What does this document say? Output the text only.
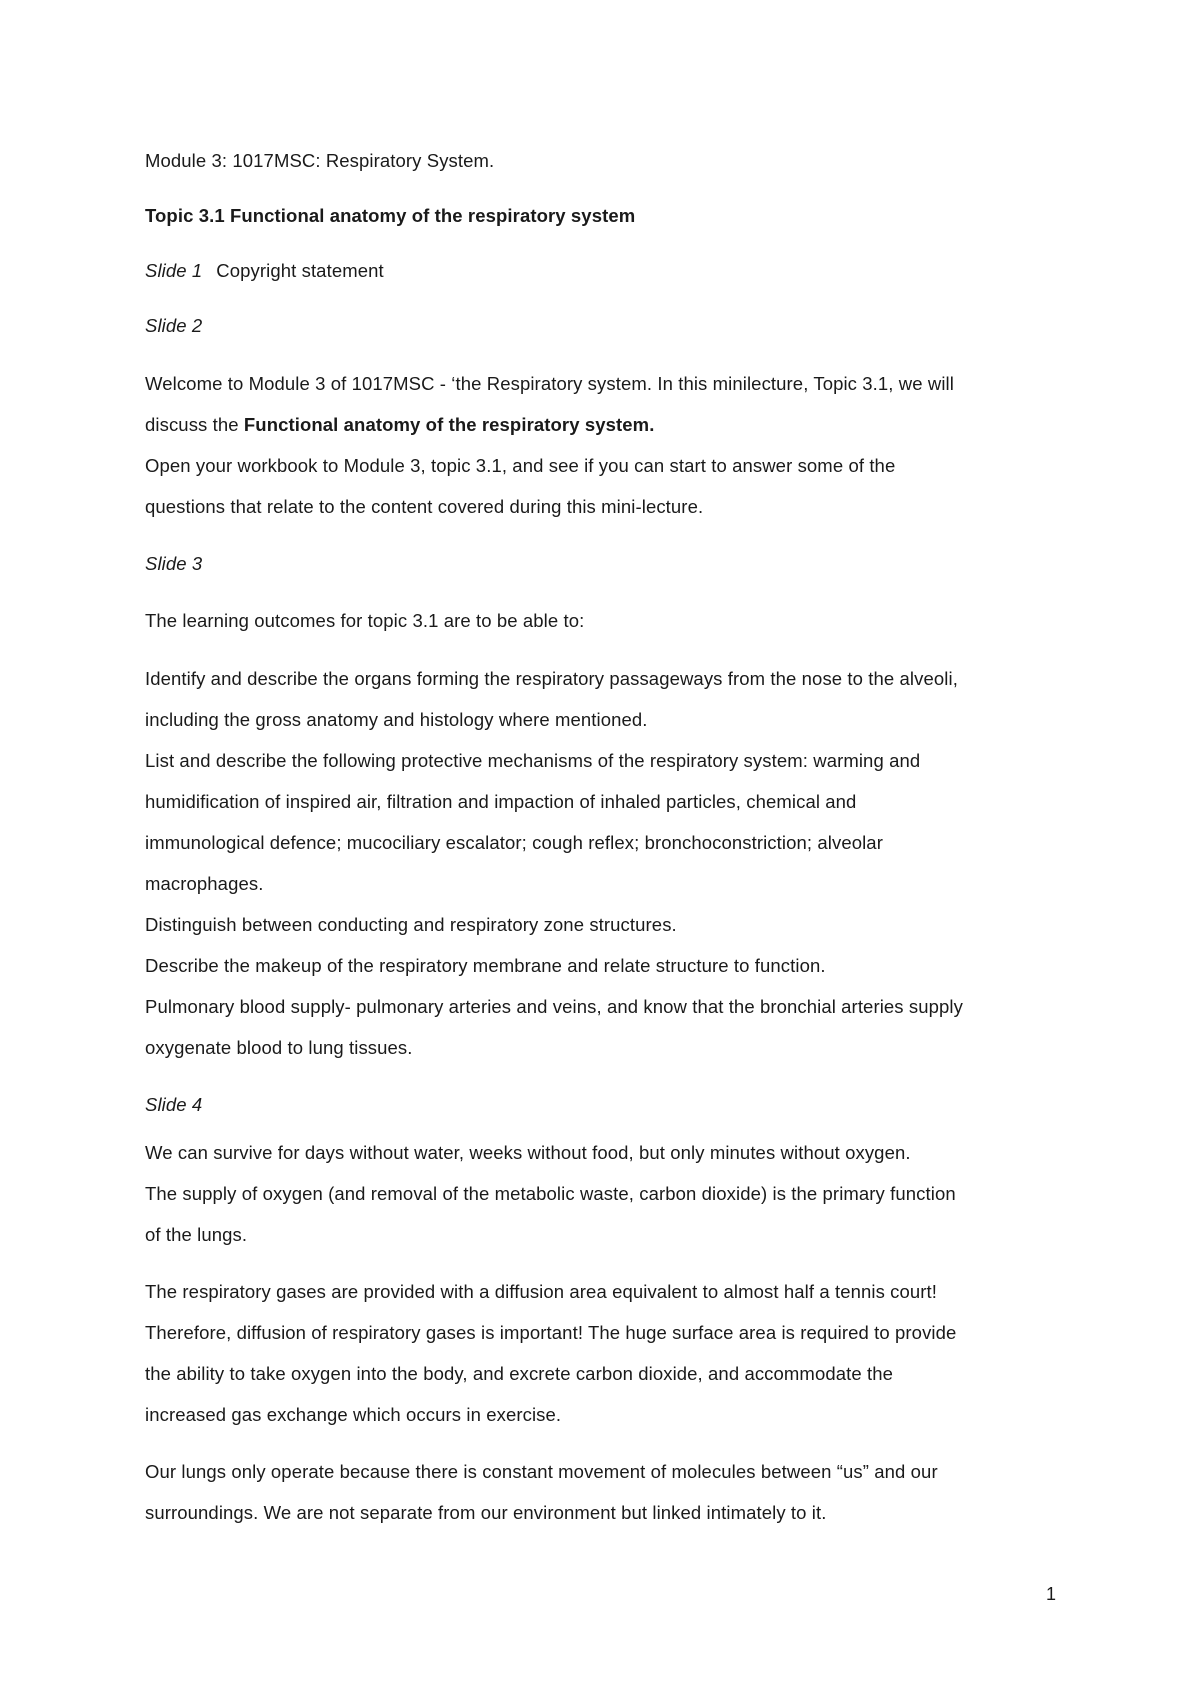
Module 3: 1017MSC: Respiratory System.

Topic 3.1 Functional anatomy of the respiratory system

Slide 1 Copyright statement

Slide 2

Welcome to Module 3 of 1017MSC - ‘the Respiratory system. In this minilecture, Topic 3.1, we will

discuss the Functional anatomy of the respiratory system.

Open your workbook to Module 3, topic 3.1, and see if you can start to answer some of the

questions that relate to the content covered during this mini-lecture.

Slide 3

The learning outcomes for topic 3.1 are to be able to:

Identify and describe the organs forming the respiratory passageways from the nose to the alveoli,

including the gross anatomy and histology where mentioned.

List and describe the following protective mechanisms of the respiratory system: warming and

humidification of inspired air, filtration and impaction of inhaled particles, chemical and

immunological defence; mucociliary escalator; cough reflex; bronchoconstriction; alveolar

macrophages.

Distinguish between conducting and respiratory zone structures.

Describe the makeup of the respiratory membrane and relate structure to function.

Pulmonary blood supply- pulmonary arteries and veins, and know that the bronchial arteries supply

oxygenate blood to lung tissues.

Slide 4

We can survive for days without water, weeks without food, but only minutes without oxygen.

The supply of oxygen (and removal of the metabolic waste, carbon dioxide) is the primary function

of the lungs.

The respiratory gases are provided with a diffusion area equivalent to almost half a tennis court!

Therefore, diffusion of respiratory gases is important! The huge surface area is required to provide

the ability to take oxygen into the body, and excrete carbon dioxide, and accommodate the

increased gas exchange which occurs in exercise.

Our lungs only operate because there is constant movement of molecules between “us” and our

surroundings. We are not separate from our environment but linked intimately to it.

1
